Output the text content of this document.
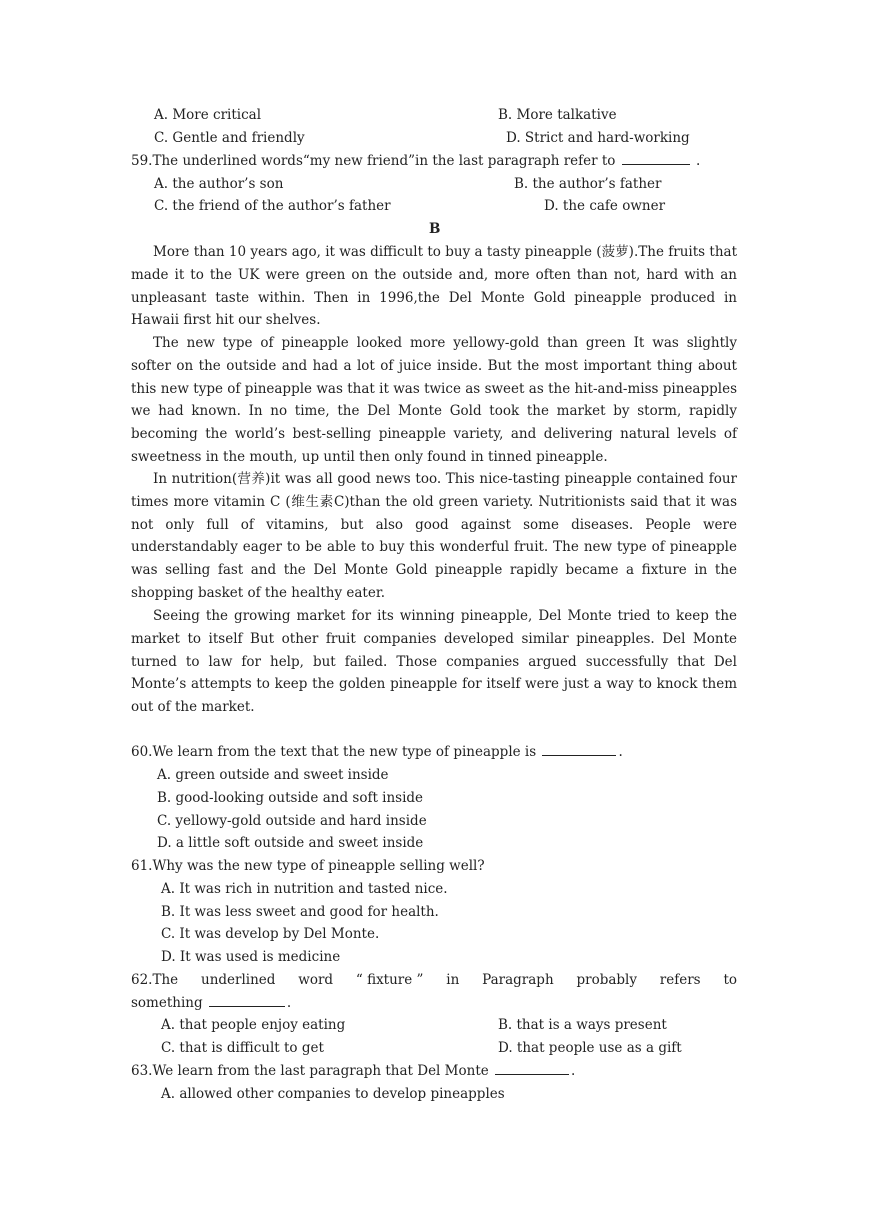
A. More critical	B. More talkative
C. Gentle and friendly	D. Strict and hard-working
59.The underlined words“my new friend”in the last paragraph refer to	.
A. the author’s son	B. the author’s father
C. the friend of the author’s father	D. the cafe owner
B

More than 10 years ago, it was difficult to buy a tasty pineapple (菠萝).The fruits that made it to the UK were green on the outside and, more often than not, hard with an unpleasant taste within. Then in 1996,the Del Monte Gold pineapple produced in Hawaii first hit our shelves.

The new type of pineapple looked more yellowy-gold than green It was slightly softer on the outside and had a lot of juice inside. But the most important thing about this new type of pineapple was that it was twice as sweet as the hit-and-miss pineapples we had known. In no time, the Del Monte Gold took the market by storm, rapidly becoming the world’s best-selling pineapple variety, and delivering natural levels of sweetness in the mouth, up until then only found in tinned pineapple.

In nutrition(营养)it was all good news too. This nice-tasting pineapple contained four times more vitamin C (维生素C)than the old green variety. Nutritionists said that it was not only full of vitamins, but also good against some diseases. People were understandably eager to be able to buy this wonderful fruit. The new type of pineapple was selling fast and the Del Monte Gold pineapple rapidly became a fixture in the shopping basket of the healthy eater.

Seeing the growing market for its winning pineapple, Del Monte tried to keep the market to itself But other fruit companies developed similar pineapples. Del Monte turned to law for help, but failed. Those companies argued successfully that Del Monte’s attempts to keep the golden pineapple for itself were just a way to knock them out of the market.

60.We learn from the text that the new type of pineapple is	.
A. green outside and sweet inside
B. good-looking outside and soft inside
C. yellowy-gold outside and hard inside
D. a little soft outside and sweet inside
61.Why was the new type of pineapple selling well?
A. It was rich in nutrition and tasted nice.
B. It was less sweet and good for health.
C. It was develop by Del Monte.
D. It was used is medicine
62.The underlined word “ fixture ” in Paragraph probably refers to
something	.
A. that people enjoy eating	B. that is a ways present
C. that is difficult to get	D. that people use as a gift
63.We learn from the last paragraph that Del Monte	.
A. allowed other companies to develop pineapples
